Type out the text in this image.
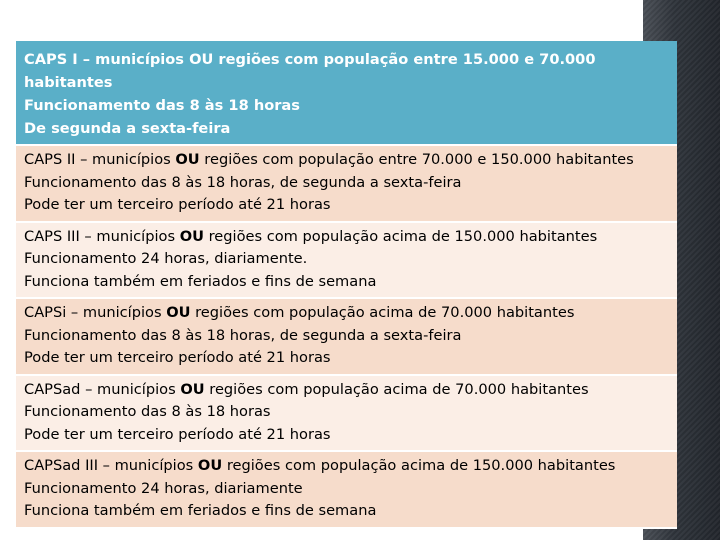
CAPS I – municípios OU regiões com população entre 15.000 e 70.000 habitantes
Funcionamento das 8 às 18 horas
De segunda a sexta-feira
CAPS II – municípios OU regiões com população entre 70.000 e 150.000 habitantes
Funcionamento das 8 às 18 horas, de segunda a sexta-feira
Pode ter um terceiro período até 21 horas
CAPS III – municípios OU regiões com população acima de 150.000 habitantes
Funcionamento 24 horas, diariamente.
Funciona também em feriados e fins de semana
CAPSi – municípios OU regiões com população acima de 70.000 habitantes
Funcionamento das 8 às 18 horas, de segunda a sexta-feira
Pode ter um terceiro período até 21 horas
CAPSad – municípios OU regiões com população acima de 70.000 habitantes
Funcionamento das 8 às 18 horas
Pode ter um terceiro período até 21 horas
CAPSad III – municípios OU regiões com população acima de 150.000 habitantes
Funcionamento 24 horas, diariamente
Funciona também em feriados e fins de semana
